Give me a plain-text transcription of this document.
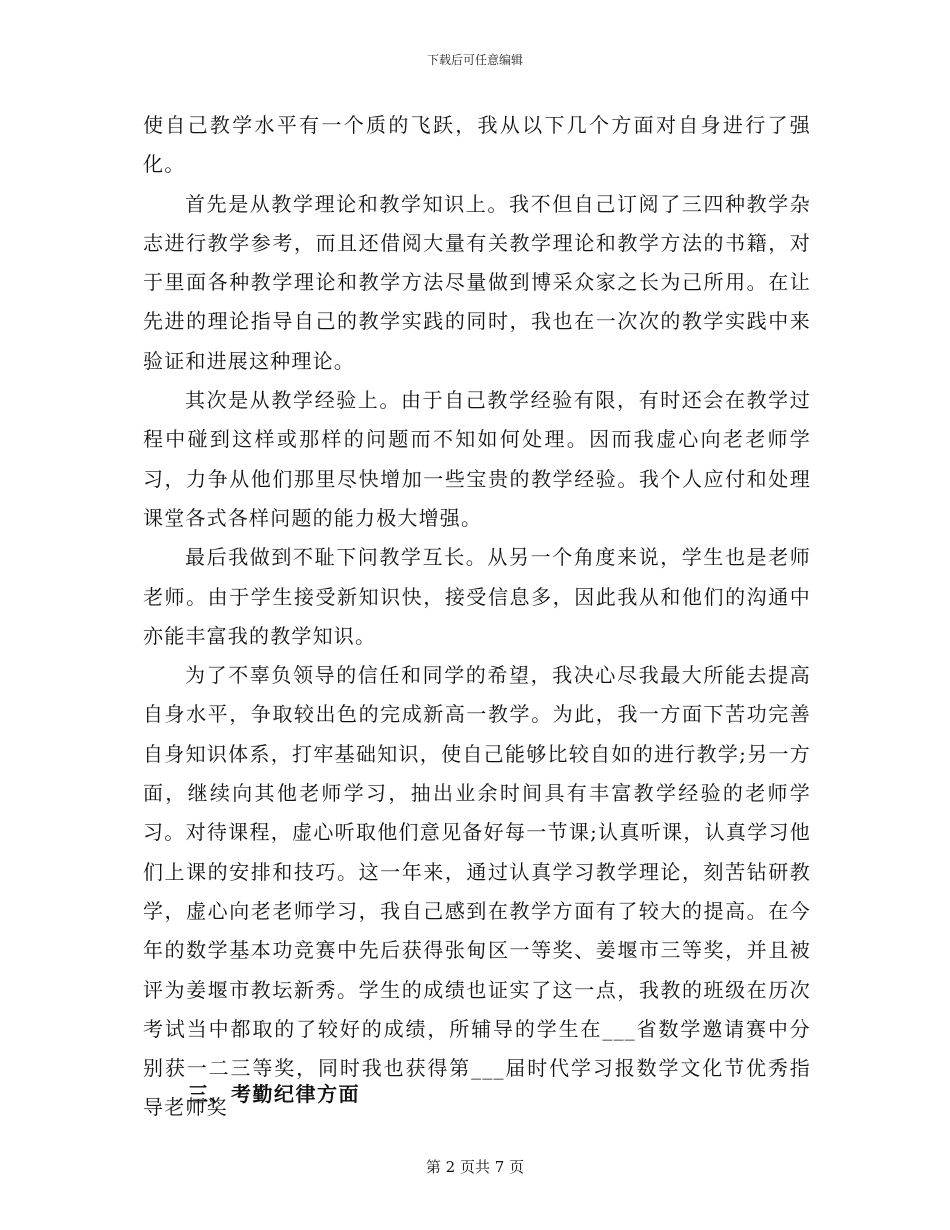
下载后可任意编辑

使自己教学水平有一个质的飞跃，我从以下几个方面对自身进行了强化。

首先是从教学理论和教学知识上。我不但自己订阅了三四种教学杂志进行教学参考，而且还借阅大量有关教学理论和教学方法的书籍，对于里面各种教学理论和教学方法尽量做到博采众家之长为己所用。在让先进的理论指导自己的教学实践的同时，我也在一次次的教学实践中来验证和进展这种理论。

其次是从教学经验上。由于自己教学经验有限，有时还会在教学过程中碰到这样或那样的问题而不知如何处理。因而我虚心向老老师学习，力争从他们那里尽快增加一些宝贵的教学经验。我个人应付和处理课堂各式各样问题的能力极大增强。

最后我做到不耻下问教学互长。从另一个角度来说，学生也是老师老师。由于学生接受新知识快，接受信息多，因此我从和他们的沟通中亦能丰富我的教学知识。

为了不辜负领导的信任和同学的希望，我决心尽我最大所能去提高自身水平，争取较出色的完成新高一教学。为此，我一方面下苦功完善自身知识体系，打牢基础知识，使自己能够比较自如的进行教学;另一方面，继续向其他老师学习，抽出业余时间具有丰富教学经验的老师学习。对待课程，虚心听取他们意见备好每一节课;认真听课，认真学习他们上课的安排和技巧。这一年来，通过认真学习教学理论，刻苦钻研教学，虚心向老老师学习，我自己感到在教学方面有了较大的提高。在今年的数学基本功竞赛中先后获得张甸区一等奖、姜堰市三等奖，并且被评为姜堰市教坛新秀。学生的成绩也证实了这一点，我教的班级在历次考试当中都取的了较好的成绩，所辅导的学生在___省数学邀请赛中分别获一二三等奖，同时我也获得第___届时代学习报数学文化节优秀指导老师奖

三、考勤纪律方面
第 2 页共 7 页
